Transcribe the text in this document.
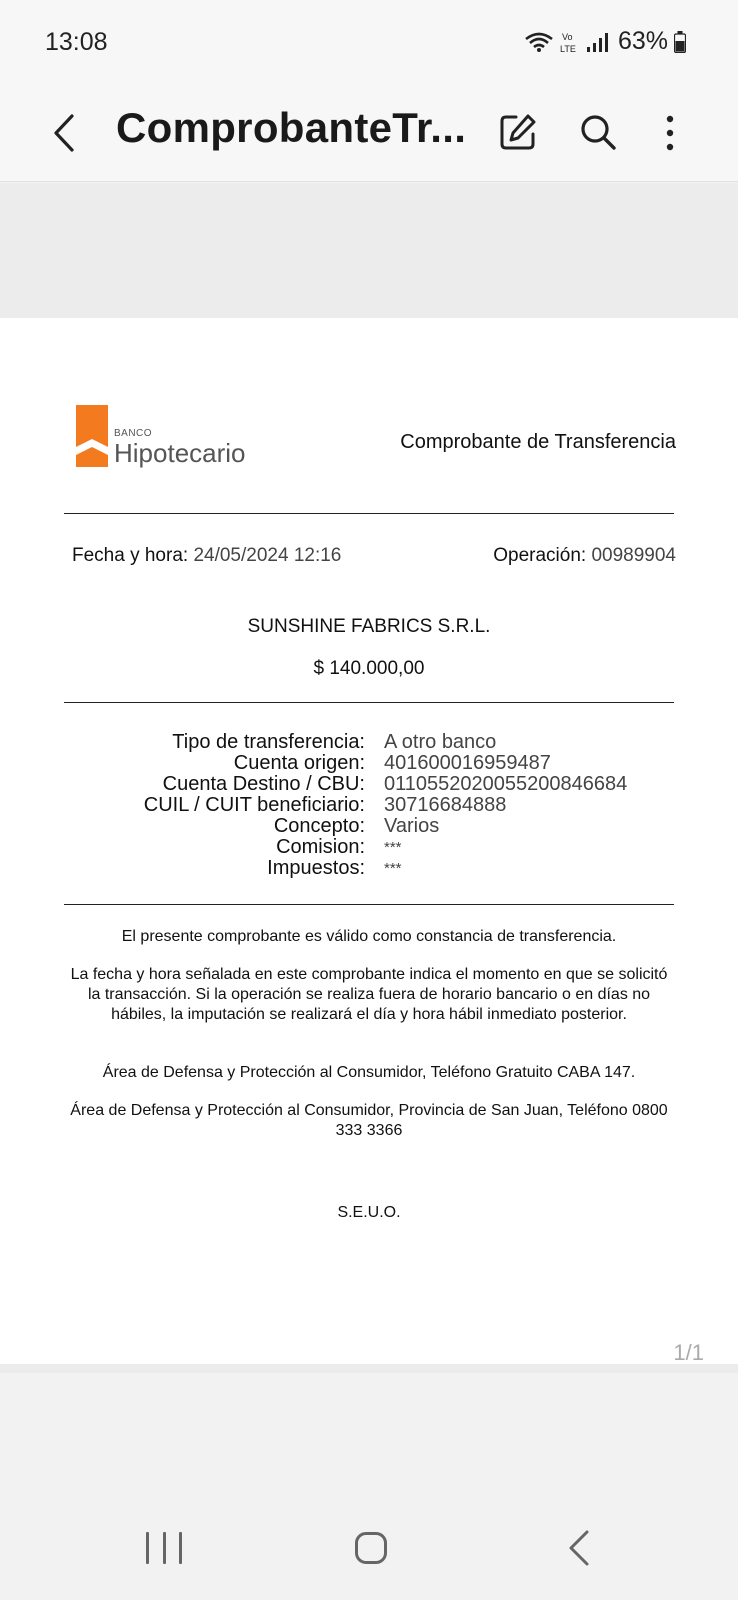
13:08	Vo
LTE 63%
ComprobanteTr...
BANCO
Hipotecario	Comprobante de Transferencia
Fecha y hora: 24/05/2024 12:16	Operación: 00989904
SUNSHINE FABRICS S.R.L.
$ 140.000,00
Tipo de transferencia: A otro banco
Cuenta origen: 401600016959487
Cuenta Destino / CBU: 0110552020055200846684
CUIL / CUIT beneficiario: 30716684888
Concepto: Varios
Comision: ***
Impuestos: ***
El presente comprobante es válido como constancia de transferencia.
La fecha y hora señalada en este comprobante indica el momento en que se solicitó la transacción. Si la operación se realiza fuera de horario bancario o en días no hábiles, la imputación se realizará el día y hora hábil inmediato posterior.
Área de Defensa y Protección al Consumidor, Teléfono Gratuito CABA 147.
Área de Defensa y Protección al Consumidor, Provincia de San Juan, Teléfono 0800 333 3366
S.E.U.O.
1/1
